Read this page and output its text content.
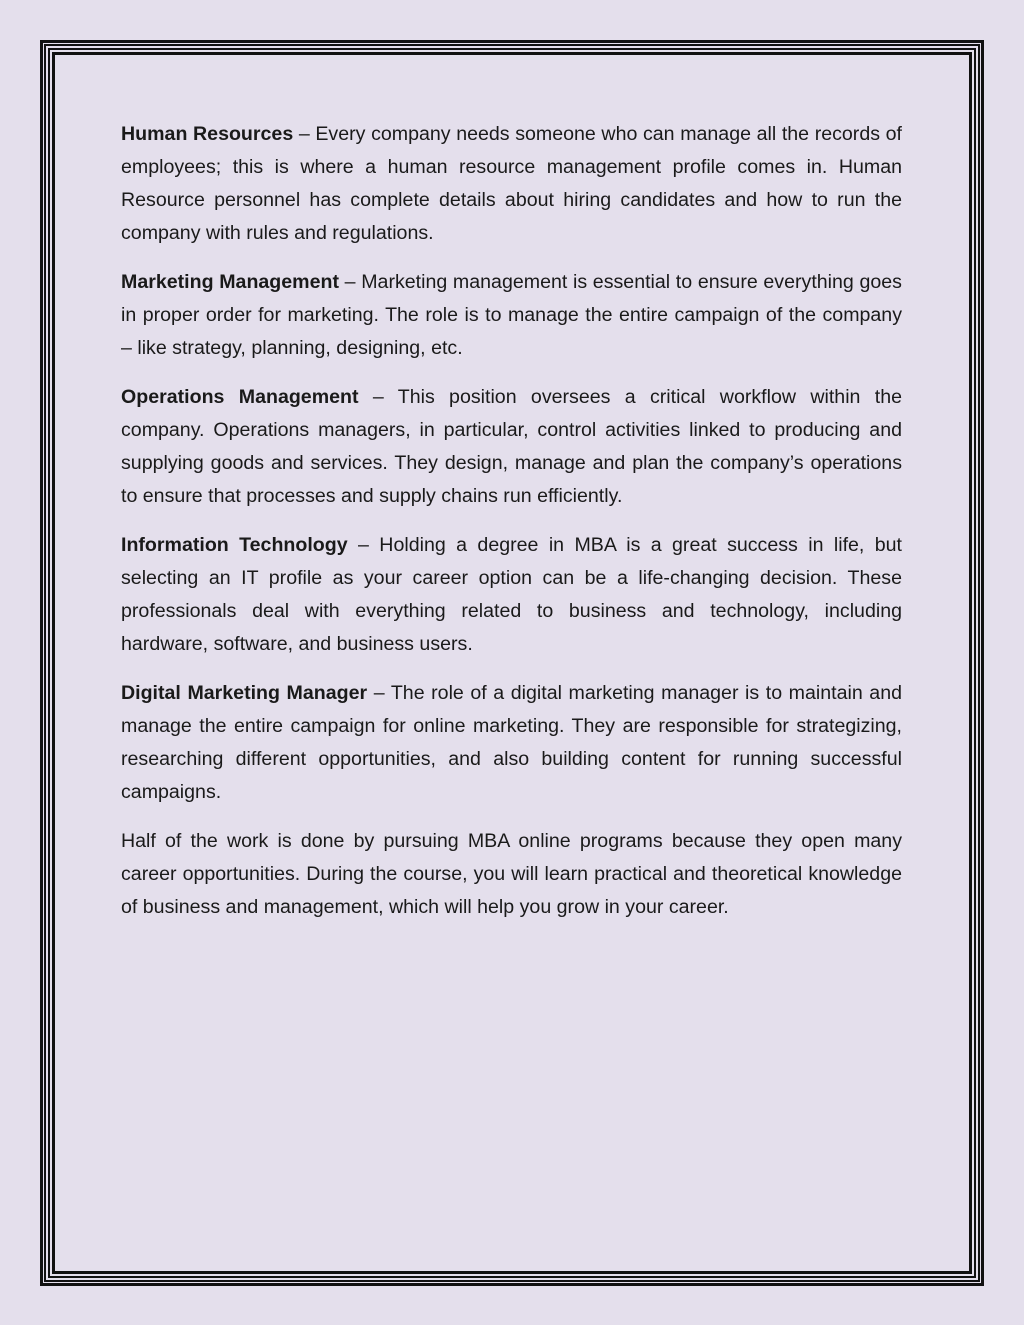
Human Resources – Every company needs someone who can manage all the records of employees; this is where a human resource management profile comes in. Human Resource personnel has complete details about hiring candidates and how to run the company with rules and regulations.

Marketing Management – Marketing management is essential to ensure everything goes in proper order for marketing. The role is to manage the entire campaign of the company – like strategy, planning, designing, etc.

Operations Management – This position oversees a critical workflow within the company. Operations managers, in particular, control activities linked to producing and supplying goods and services. They design, manage and plan the company’s operations to ensure that processes and supply chains run efficiently.

Information Technology – Holding a degree in MBA is a great success in life, but selecting an IT profile as your career option can be a life-changing decision. These professionals deal with everything related to business and technology, including hardware, software, and business users.

Digital Marketing Manager – The role of a digital marketing manager is to maintain and manage the entire campaign for online marketing. They are responsible for strategizing, researching different opportunities, and also building content for running successful campaigns.

Half of the work is done by pursuing MBA online programs because they open many career opportunities. During the course, you will learn practical and theoretical knowledge of business and management, which will help you grow in your career.
